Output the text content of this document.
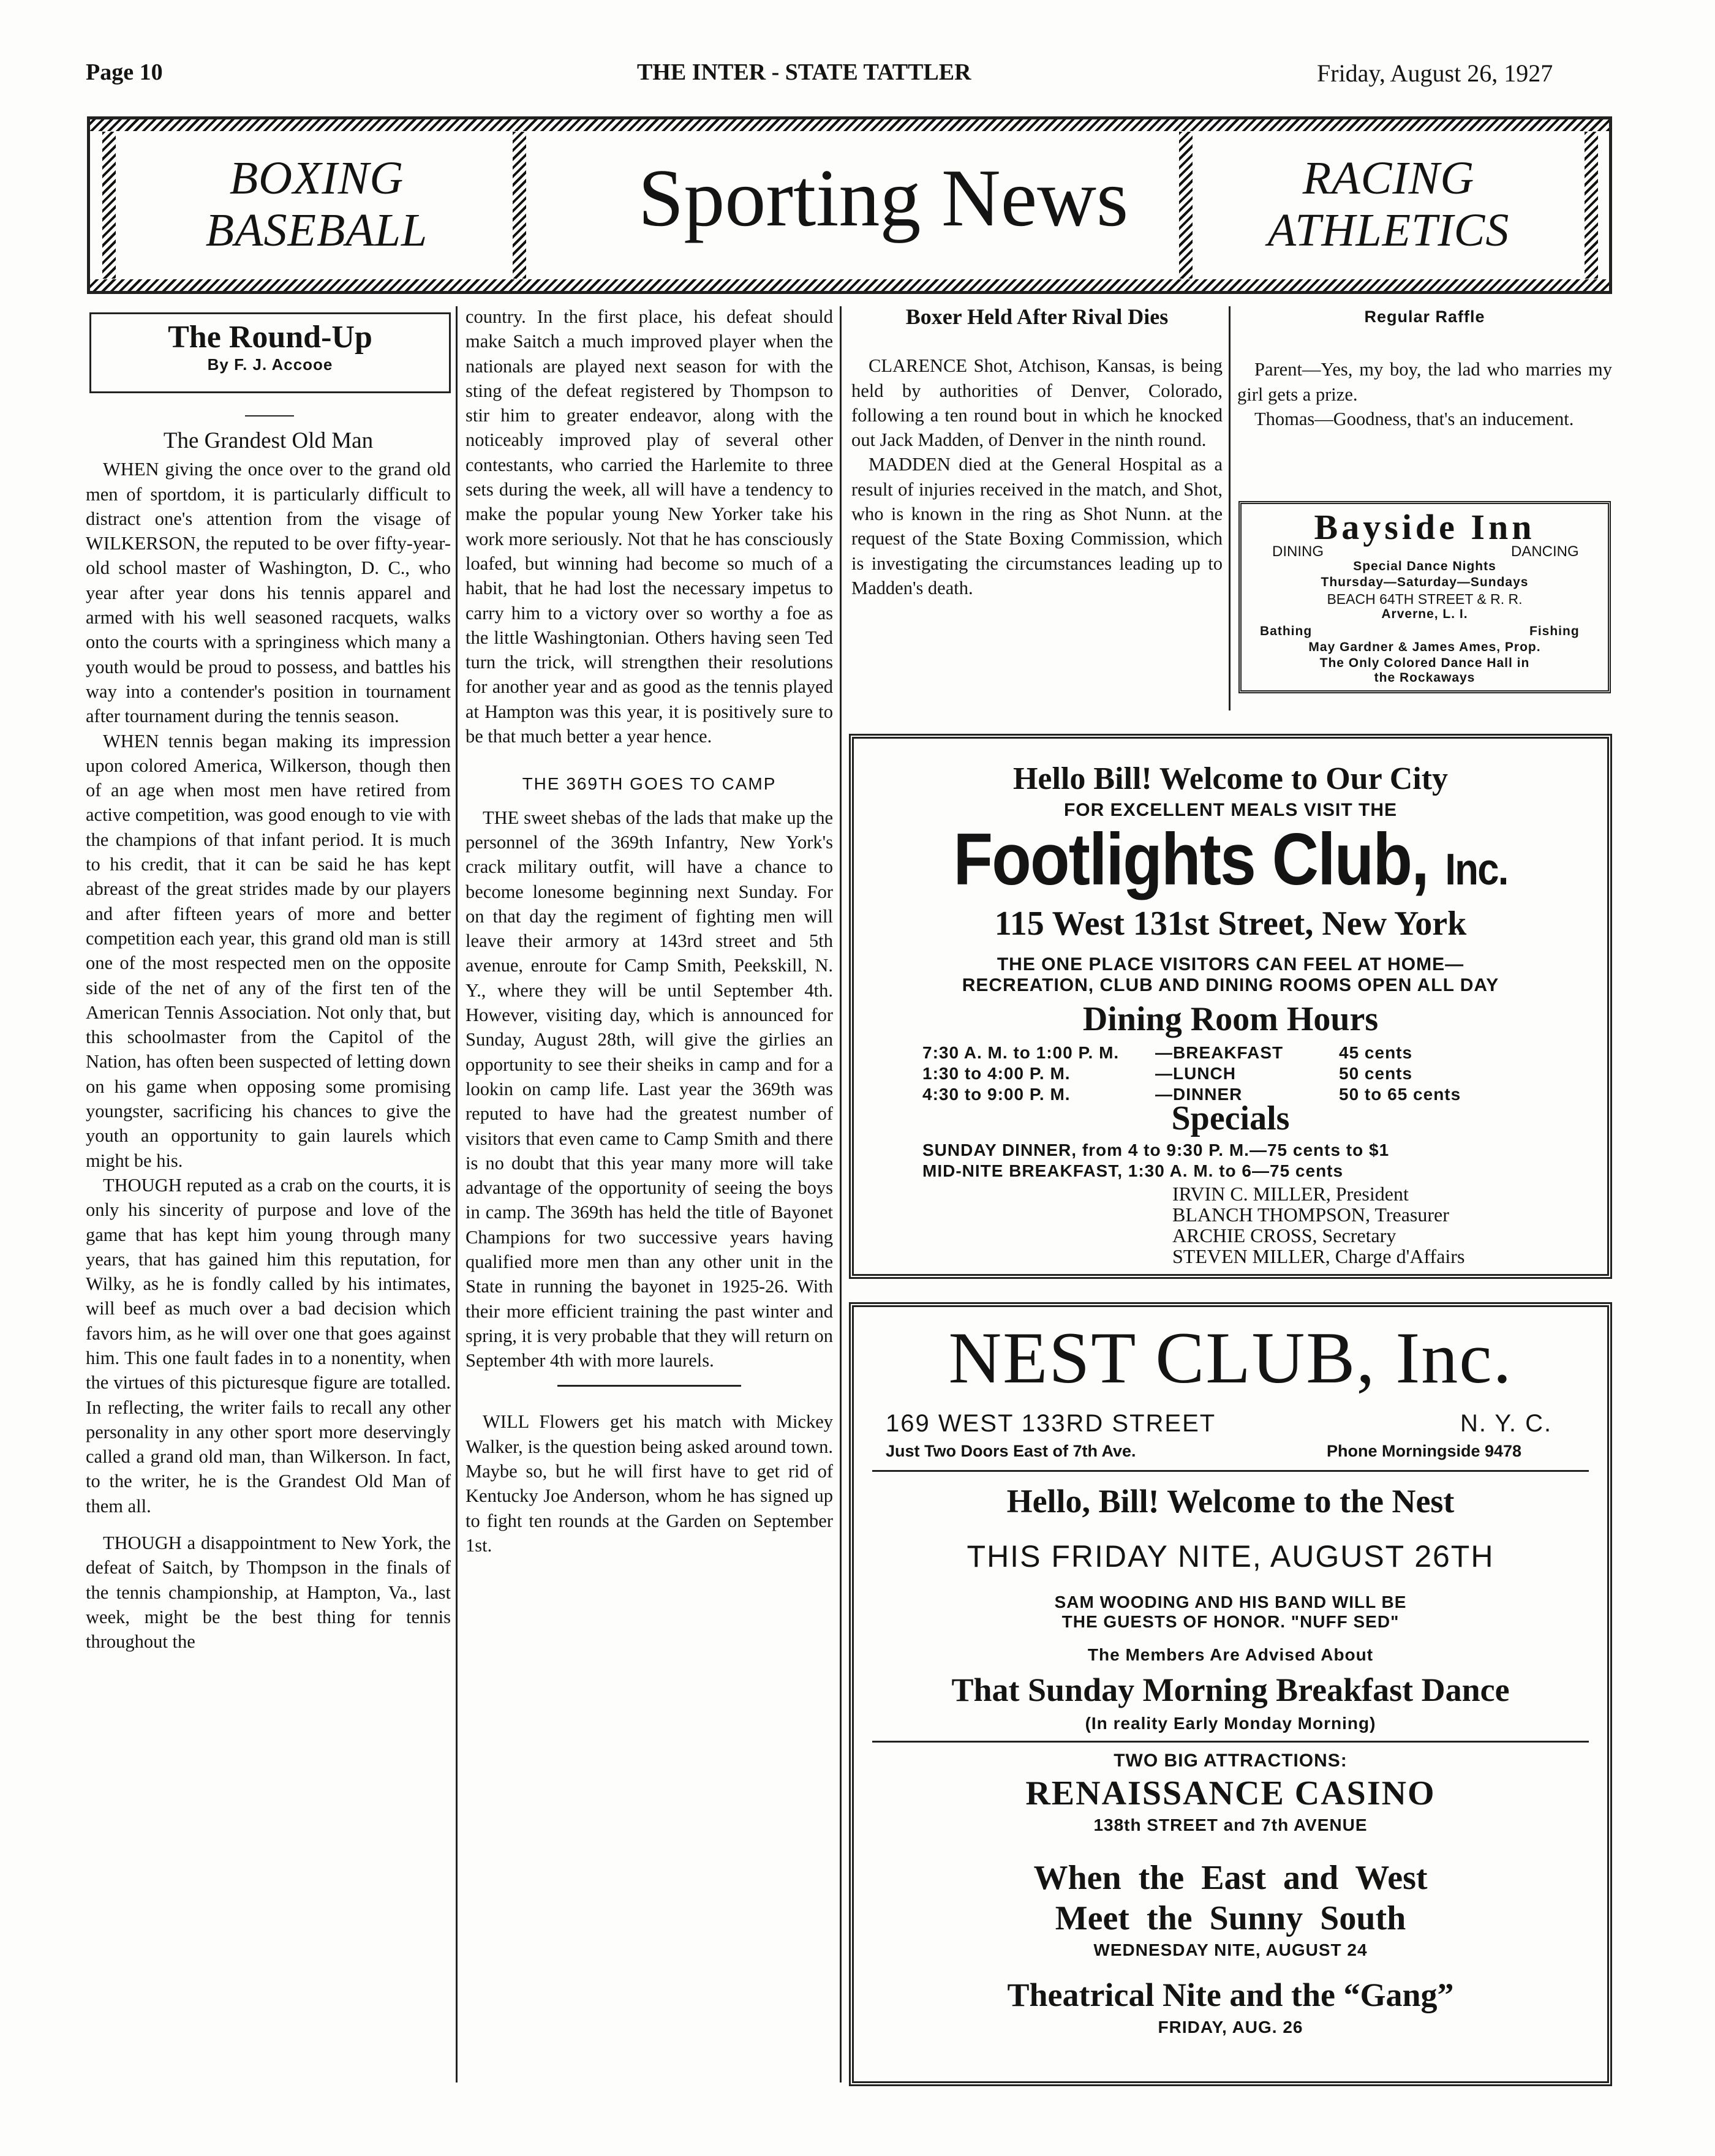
Page 10	THE INTER - STATE TATTLER	Friday, August 26, 1927
BOXING
BASEBALL	Sporting News	RACING
ATHLETICS
The Round-Up
By F. J. Accooe
The Grandest Old Man

WHEN giving the once over to the grand old men of sportdom, it is particularly difficult to distract one's attention from the visage of WILKERSON, the reputed to be over fifty-year-old school master of Washington, D. C., who year after year dons his tennis apparel and armed with his well seasoned racquets, walks onto the courts with a springiness which many a youth would be proud to possess, and battles his way into a contender's position in tournament after tournament during the tennis season.

WHEN tennis began making its impression upon colored America, Wilkerson, though then of an age when most men have retired from active competition, was good enough to vie with the champions of that infant period. It is much to his credit, that it can be said he has kept abreast of the great strides made by our players and after fifteen years of more and better competition each year, this grand old man is still one of the most respected men on the opposite side of the net of any of the first ten of the American Tennis Association. Not only that, but this schoolmaster from the Capitol of the Nation, has often been suspected of letting down on his game when opposing some promising youngster, sacrificing his chances to give the youth an opportunity to gain laurels which might be his.

THOUGH reputed as a crab on the courts, it is only his sincerity of purpose and love of the game that has kept him young through many years, that has gained him this reputation, for Wilky, as he is fondly called by his intimates, will beef as much over a bad decision which favors him, as he will over one that goes against him. This one fault fades in to a nonentity, when the virtues of this picturesque figure are totalled. In reflecting, the writer fails to recall any other personality in any other sport more deservingly called a grand old man, than Wilkerson. In fact, to the writer, he is the Grandest Old Man of them all.

THOUGH a disappointment to New York, the defeat of Saitch, by Thompson in the finals of the tennis championship, at Hampton, Va., last week, might be the best thing for tennis throughout the

country. In the first place, his defeat should make Saitch a much improved player when the nationals are played next season for with the sting of the defeat registered by Thompson to stir him to greater endeavor, along with the noticeably improved play of several other contestants, who carried the Harlemite to three sets during the week, all will have a tendency to make the popular young New Yorker take his work more seriously. Not that he has consciously loafed, but winning had become so much of a habit, that he had lost the necessary impetus to carry him to a victory over so worthy a foe as the little Washingtonian. Others having seen Ted turn the trick, will strengthen their resolutions for another year and as good as the tennis played at Hampton was this year, it is positively sure to be that much better a year hence.

THE 369TH GOES TO CAMP

THE sweet shebas of the lads that make up the personnel of the 369th Infantry, New York's crack military outfit, will have a chance to become lonesome beginning next Sunday. For on that day the regiment of fighting men will leave their armory at 143rd street and 5th avenue, enroute for Camp Smith, Peekskill, N. Y., where they will be until September 4th. However, visiting day, which is announced for Sunday, August 28th, will give the girlies an opportunity to see their sheiks in camp and for a lookin on camp life. Last year the 369th was reputed to have had the greatest number of visitors that even came to Camp Smith and there is no doubt that this year many more will take advantage of the opportunity of seeing the boys in camp. The 369th has held the title of Bayonet Champions for two successive years having qualified more men than any other unit in the State in running the bayonet in 1925-26. With their more efficient training the past winter and spring, it is very probable that they will return on September 4th with more laurels.

WILL Flowers get his match with Mickey Walker, is the question being asked around town. Maybe so, but he will first have to get rid of Kentucky Joe Anderson, whom he has signed up to fight ten rounds at the Garden on September 1st.

Boxer Held After Rival Dies

CLARENCE Shot, Atchison, Kansas, is being held by authorities of Denver, Colorado, following a ten round bout in which he knocked out Jack Madden, of Denver in the ninth round.

MADDEN died at the General Hospital as a result of injuries received in the match, and Shot, who is known in the ring as Shot Nunn. at the request of the State Boxing Commission, which is investigating the circumstances leading up to Madden's death.

Regular Raffle

Parent—Yes, my boy, the lad who marries my girl gets a prize.

Thomas—Goodness, that's an inducement.

Bayside Inn
DINING	DANCING
Special Dance Nights
Thursday—Saturday—Sundays
BEACH 64TH STREET & R. R.
Arverne, L. I.
Bathing	Fishing
May Gardner & James Ames, Prop.
The Only Colored Dance Hall in
the Rockaways
Hello Bill! Welcome to Our City
FOR EXCELLENT MEALS VISIT THE
Footlights Club, Inc.
115 West 131st Street, New York
THE ONE PLACE VISITORS CAN FEEL AT HOME—
RECREATION, CLUB AND DINING ROOMS OPEN ALL DAY
Dining Room Hours
7:30 A. M. to 1:00 P. M.	—BREAKFAST	45 cents
1:30 to 4:00 P. M.	—LUNCH	50 cents
4:30 to 9:00 P. M.	—DINNER	50 to 65 cents
Specials
SUNDAY DINNER, from 4 to 9:30 P. M.—75 cents to $1
MID-NITE BREAKFAST, 1:30 A. M. to 6—75 cents
IRVIN C. MILLER, President
BLANCH THOMPSON, Treasurer
ARCHIE CROSS, Secretary
STEVEN MILLER, Charge d'Affairs
NEST CLUB, Inc.
169 WEST 133RD STREET	N. Y. C.
Just Two Doors East of 7th Ave.	Phone Morningside 9478
Hello, Bill! Welcome to the Nest
THIS FRIDAY NITE, AUGUST 26TH
SAM WOODING AND HIS BAND WILL BE
THE GUESTS OF HONOR. "NUFF SED"
The Members Are Advised About
That Sunday Morning Breakfast Dance
(In reality Early Monday Morning)
TWO BIG ATTRACTIONS:
RENAISSANCE CASINO
138th STREET and 7th AVENUE
When the East and West
Meet the Sunny South
WEDNESDAY NITE, AUGUST 24
Theatrical Nite and the “Gang”
FRIDAY, AUG. 26
